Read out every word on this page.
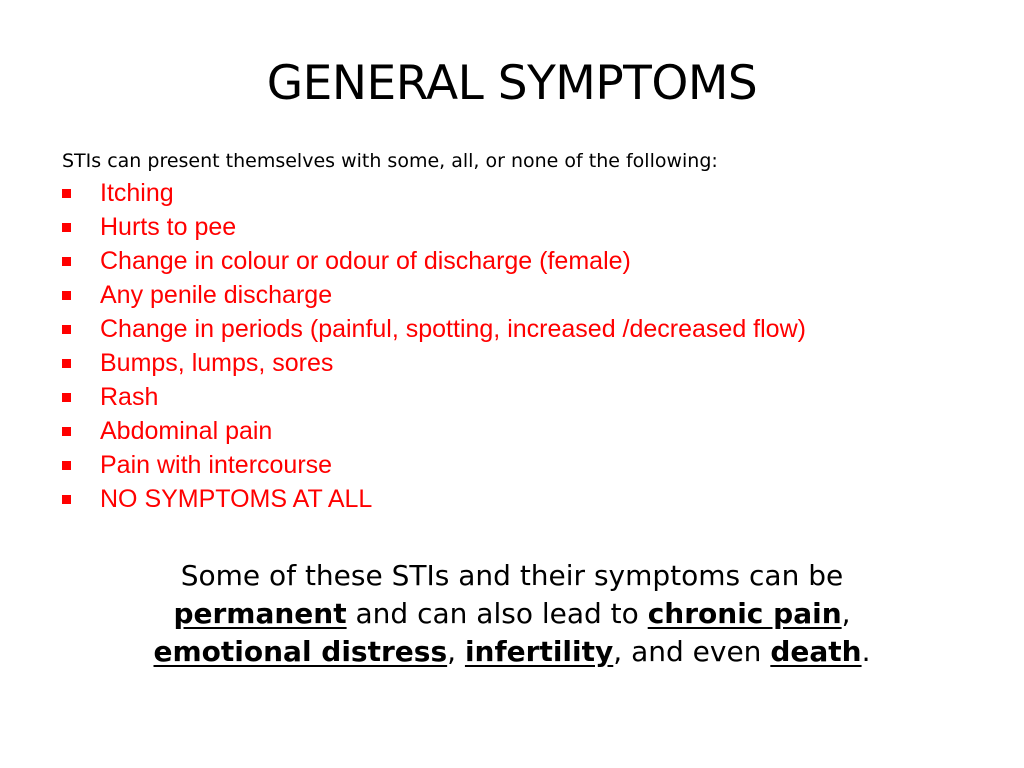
GENERAL SYMPTOMS
STIs can present themselves with some, all, or none of the following:
Itching
Hurts to pee
Change in colour or odour of discharge (female)
Any penile discharge
Change in periods (painful, spotting, increased /decreased flow)
Bumps, lumps, sores
Rash
Abdominal pain
Pain with intercourse
NO SYMPTOMS AT ALL
Some of these STIs and their symptoms can be
permanent and can also lead to chronic pain,
emotional distress, infertility, and even death.
